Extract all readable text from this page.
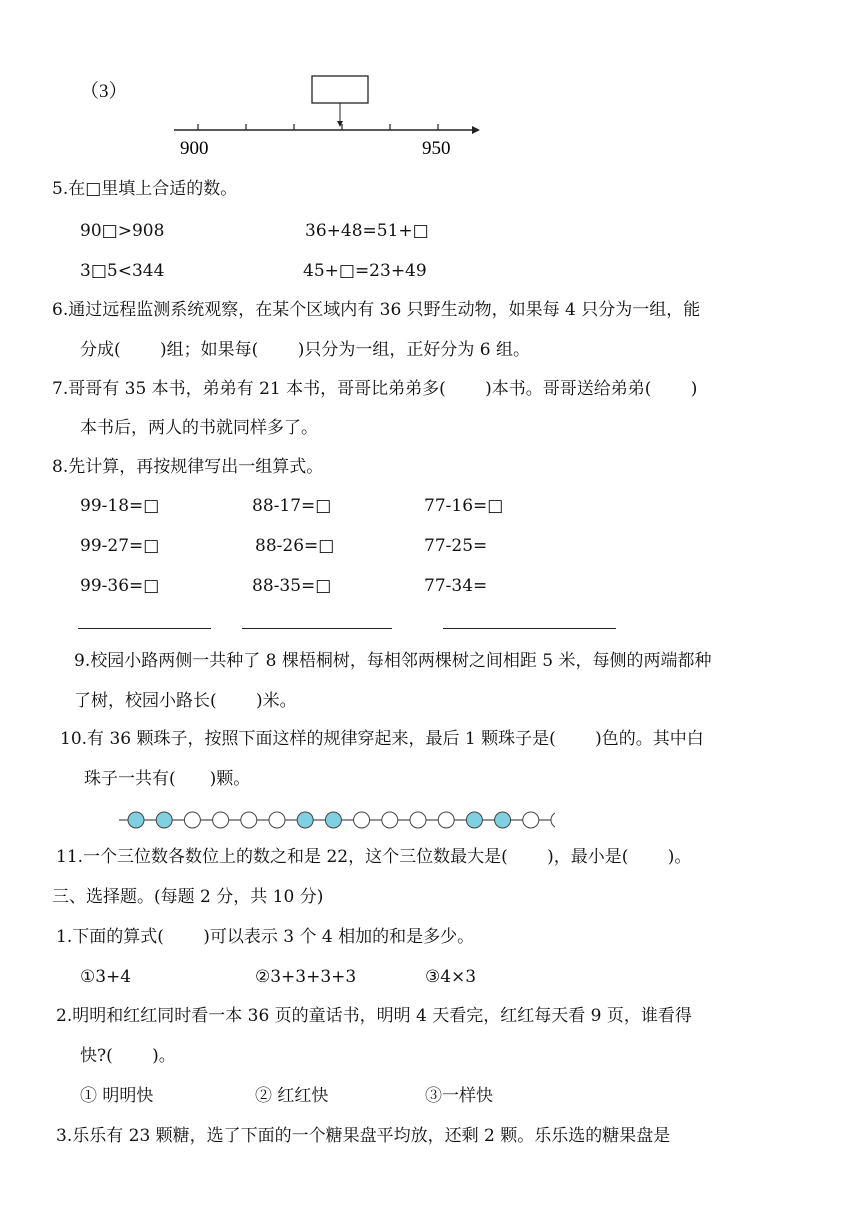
（3）
900	950
5.在□里填上合适的数。
90□>908	36+48=51+□
3□5<344	45+□=23+49
6.通过远程监测系统观察，在某个区域内有 36 只野生动物，如果每 4 只分为一组，能
分成(　　 )组；如果每(　　 )只分为一组，正好分为 6 组。
7.哥哥有 35 本书，弟弟有 21 本书，哥哥比弟弟多(　　 )本书。哥哥送给弟弟(　　 )
本书后，两人的书就同样多了。
8.先计算，再按规律写出一组算式。
99-18=□	88-17=□	77-16=□
99-27=□	88-26=□	77-25=
99-36=□	88-35=□	77-34=
9.校园小路两侧一共种了 8 棵梧桐树，每相邻两棵树之间相距 5 米，每侧的两端都种
了树，校园小路长(　　 )米。
10.有 36 颗珠子，按照下面这样的规律穿起来，最后 1 颗珠子是(　　 )色的。其中白
珠子一共有(　　)颗。
11.一个三位数各数位上的数之和是 22，这个三位数最大是(　　 )，最小是(　　 )。
三、选择题。(每题 2 分，共 10 分)
1.下面的算式(　　 )可以表示 3 个 4 相加的和是多少。
①3+4	②3+3+3+3	③4×3
2.明明和红红同时看一本 36 页的童话书，明明 4 天看完，红红每天看 9 页，谁看得
快?(　　 )。
① 明明快	② 红红快	③一样快
3.乐乐有 23 颗糖，选了下面的一个糖果盘平均放，还剩 2 颗。乐乐选的糖果盘是
